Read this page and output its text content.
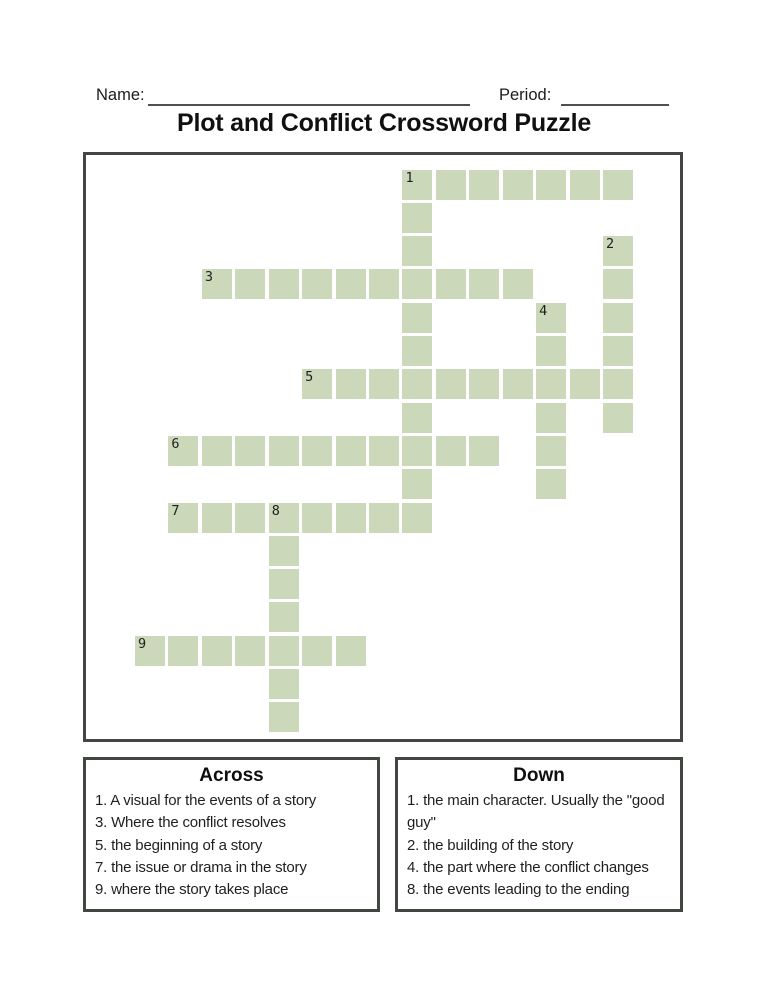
Name:	Period:
Plot and Conflict Crossword Puzzle
1
2
3
4
5
6
7	8
9
Across
1. A visual for the events of a story
3. Where the conflict resolves
5. the beginning of a story
7. the issue or drama in the story
9. where the story takes place
Down
1. the main character. Usually the "good guy"
2. the building of the story
4. the part where the conflict changes
8. the events leading to the ending
